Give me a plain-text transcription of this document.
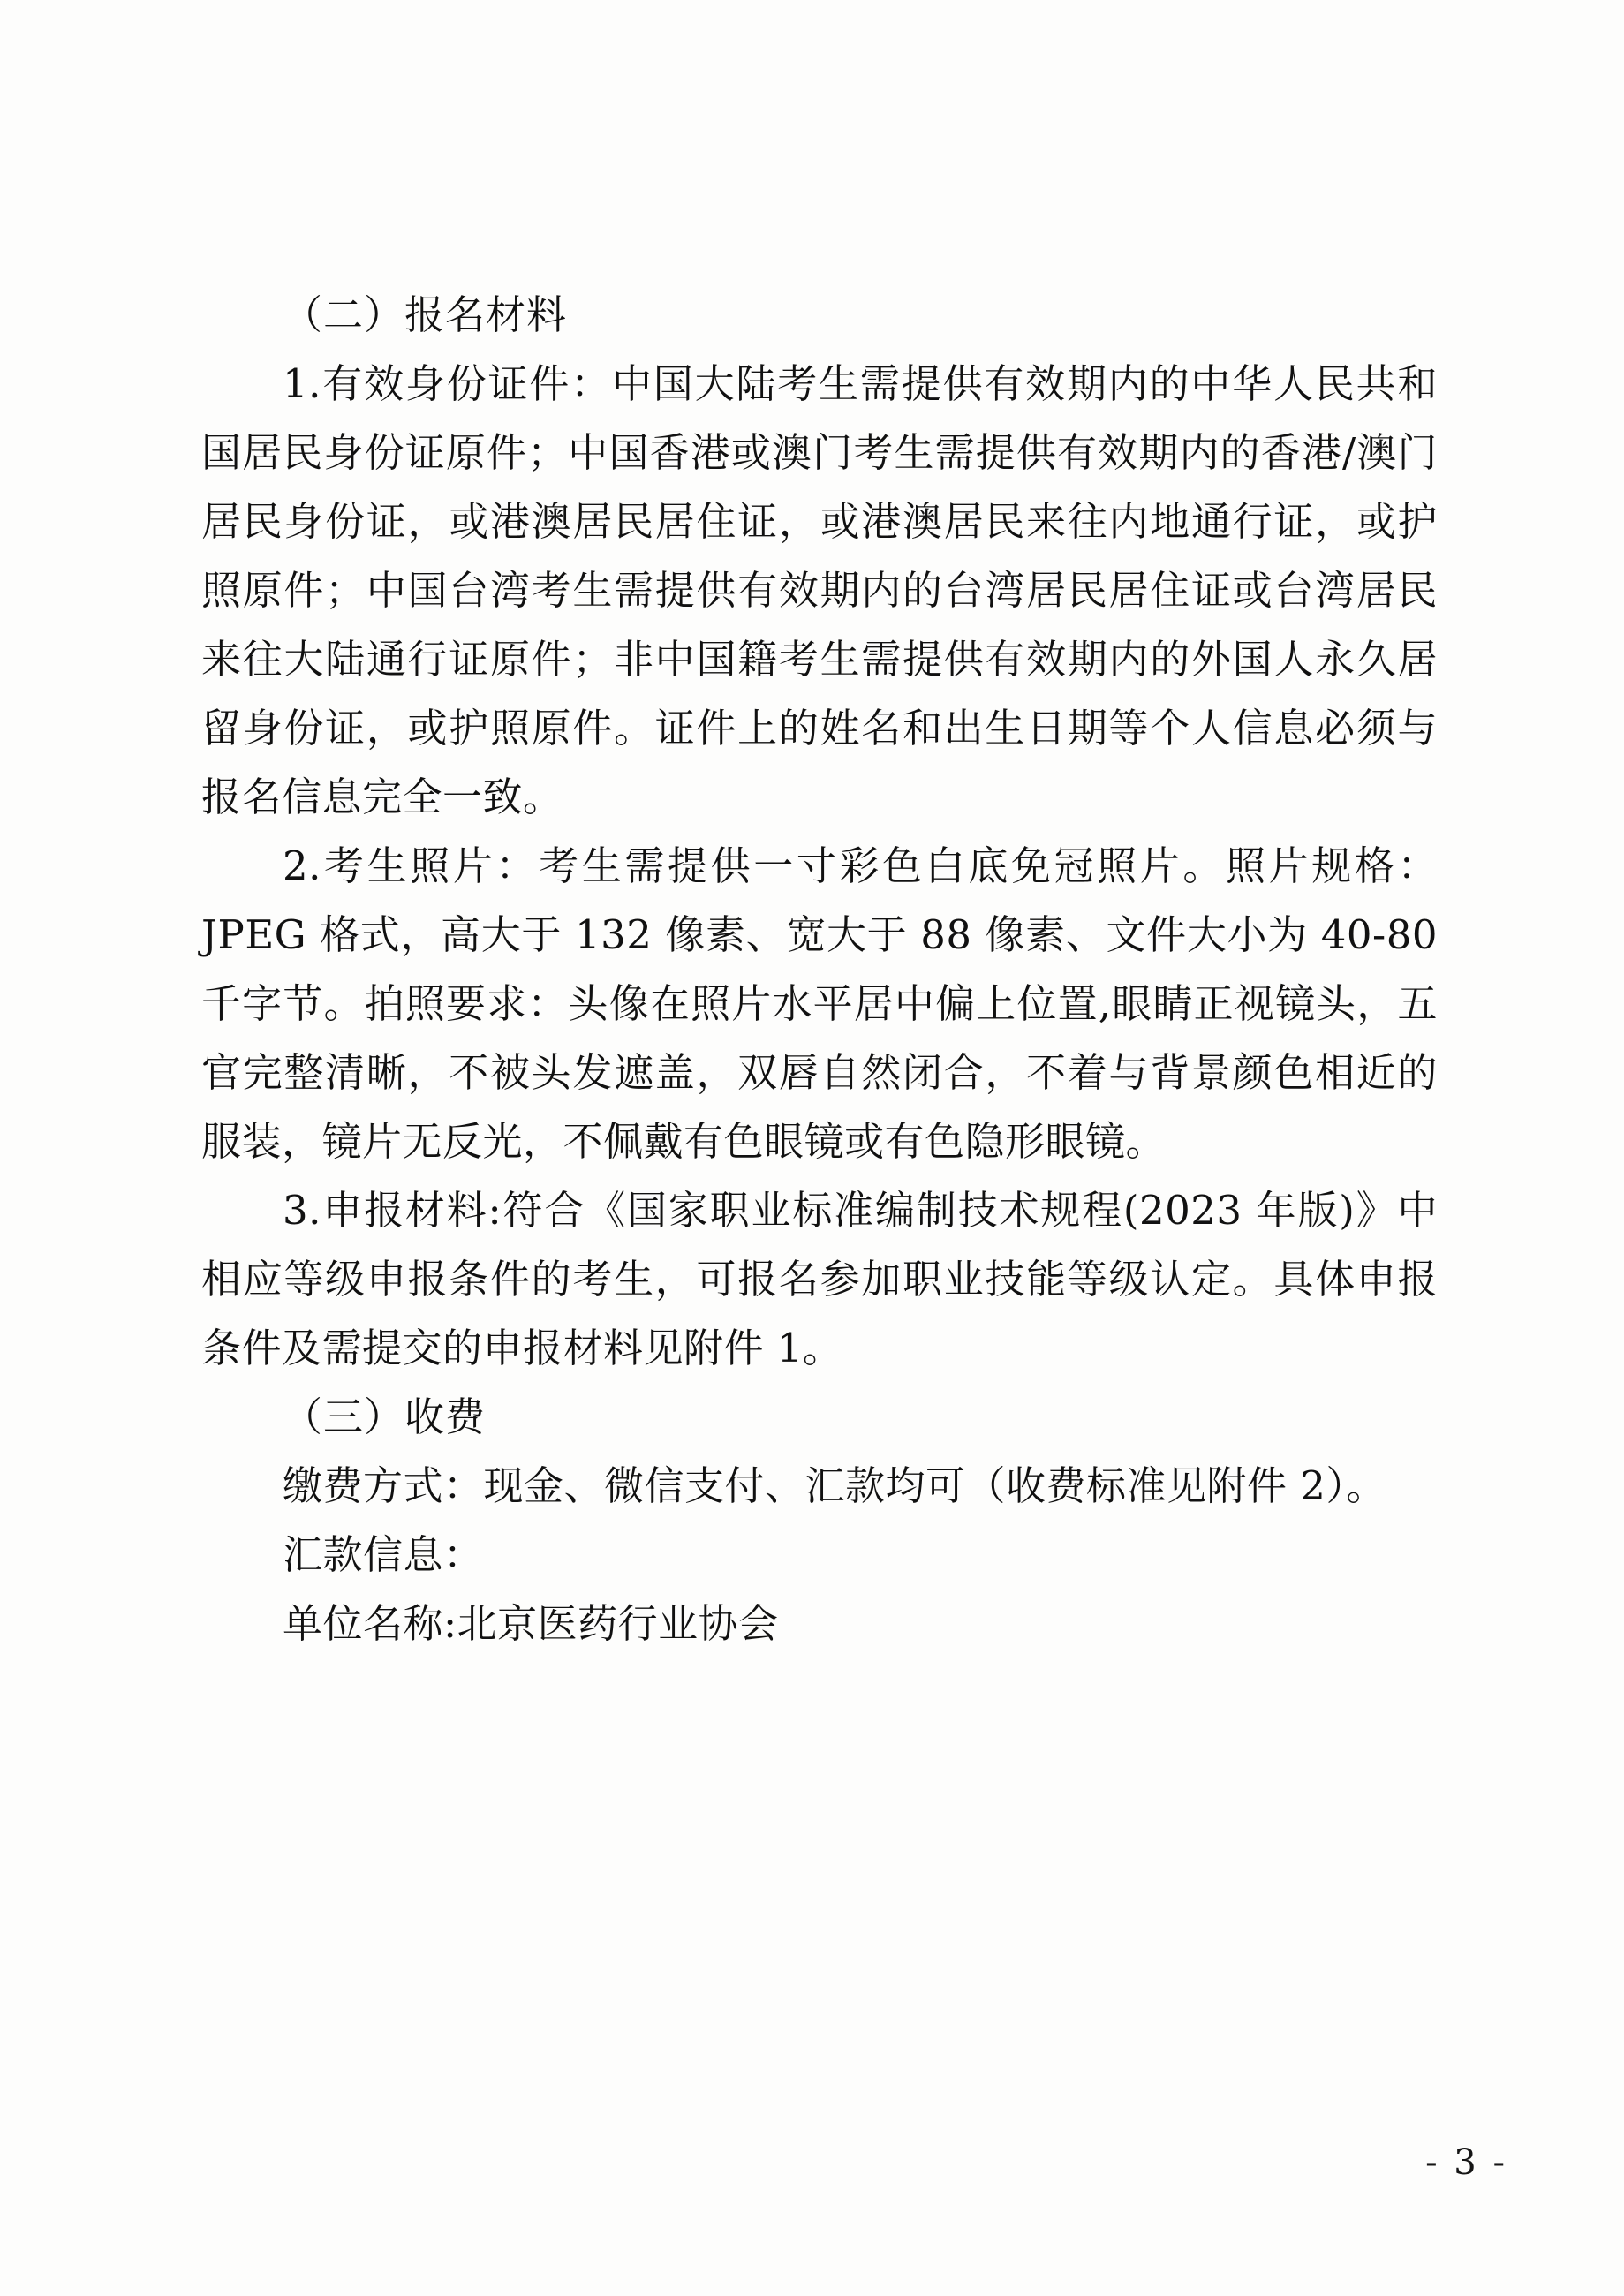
（二）报名材料

1.有效身份证件：中国大陆考生需提供有效期内的中华人民共和国居民身份证原件；中国香港或澳门考生需提供有效期内的香港/澳门居民身份证，或港澳居民居住证，或港澳居民来往内地通行证，或护照原件；中国台湾考生需提供有效期内的台湾居民居住证或台湾居民来往大陆通行证原件；非中国籍考生需提供有效期内的外国人永久居留身份证，或护照原件。证件上的姓名和出生日期等个人信息必须与报名信息完全一致。

2.考生照片：考生需提供一寸彩色白底免冠照片。照片规格：JPEG 格式，高大于 132 像素、宽大于 88 像素、文件大小为 40-80 千字节。拍照要求：头像在照片水平居中偏上位置,眼睛正视镜头，五官完整清晰，不被头发遮盖，双唇自然闭合，不着与背景颜色相近的服装，镜片无反光，不佩戴有色眼镜或有色隐形眼镜。

3.申报材料:符合《国家职业标准编制技术规程(2023 年版)》中相应等级申报条件的考生，可报名参加职业技能等级认定。具体申报条件及需提交的申报材料见附件 1。

（三）收费

缴费方式：现金、微信支付、汇款均可（收费标准见附件 2）。

汇款信息：

单位名称:北京医药行业协会

- 3 -
